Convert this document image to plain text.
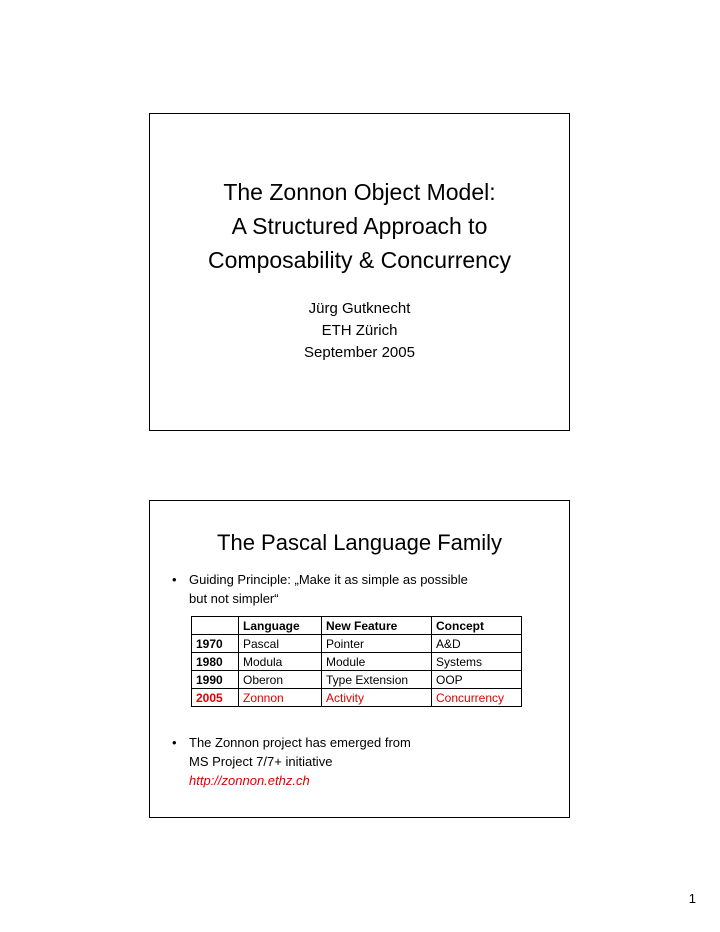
The Zonnon Object Model:
A Structured Approach to
Composability & Concurrency
Jürg Gutknecht
ETH Zürich
September 2005
The Pascal Language Family
• Guiding Principle: „Make it as simple as possible
but not simpler“
	Language	New Feature	Concept
1970	Pascal	Pointer	A&D
1980	Modula	Module	Systems
1990	Oberon	Type Extension	OOP
2005	Zonnon	Activity	Concurrency
• The Zonnon project has emerged from
MS Project 7/7+ initiative
http://zonnon.ethz.ch
1
